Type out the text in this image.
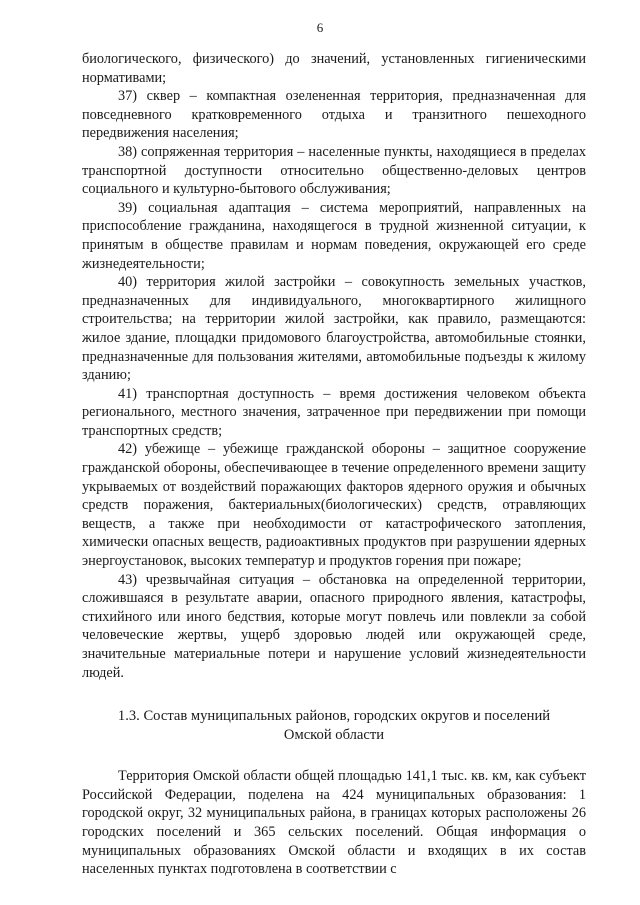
6

биологического, физического) до значений, установленных гигиеническими нормативами;

37) сквер – компактная озелененная территория, предназначенная для повседневного кратковременного отдыха и транзитного пешеходного передвижения населения;

38) сопряженная территория – населенные пункты, находящиеся в пределах транспортной доступности относительно общественно-деловых центров социального и культурно-бытового обслуживания;

39) социальная адаптация – система мероприятий, направленных на приспособление гражданина, находящегося в трудной жизненной ситуации, к принятым в обществе правилам и нормам поведения, окружающей его среде жизнедеятельности;

40) территория жилой застройки – совокупность земельных участков, предназначенных для индивидуального, многоквартирного жилищного строительства; на территории жилой застройки, как правило, размещаются: жилое здание, площадки придомового благоустройства, автомобильные стоянки, предназначенные для пользования жителями, автомобильные подъезды к жилому зданию;

41) транспортная доступность – время достижения человеком объекта регионального, местного значения, затраченное при передвижении при помощи транспортных средств;

42) убежище – убежище гражданской обороны – защитное сооружение гражданской обороны, обеспечивающее в течение определенного времени защиту укрываемых от воздействий поражающих факторов ядерного оружия и обычных средств поражения, бактериальных(биологических) средств, отравляющих веществ, а также при необходимости от катастрофического затопления, химически опасных веществ, радиоактивных продуктов при разрушении ядерных энергоустановок, высоких температур и продуктов горения при пожаре;

43) чрезвычайная ситуация – обстановка на определенной территории, сложившаяся в результате аварии, опасного природного явления, катастрофы, стихийного или иного бедствия, которые могут повлечь или повлекли за собой человеческие жертвы, ущерб здоровью людей или окружающей среде, значительные материальные потери и нарушение условий жизнедеятельности людей.

1.3. Состав муниципальных районов, городских округов и поселений
Омской области

Территория Омской области общей площадью 141,1 тыс. кв. км, как субъект Российской Федерации, поделена на 424 муниципальных образования: 1 городской округ, 32 муниципальных района, в границах которых расположены 26 городских поселений и 365 сельских поселений. Общая информация о муниципальных образованиях Омской области и входящих в их состав населенных пунктах подготовлена в соответствии с
